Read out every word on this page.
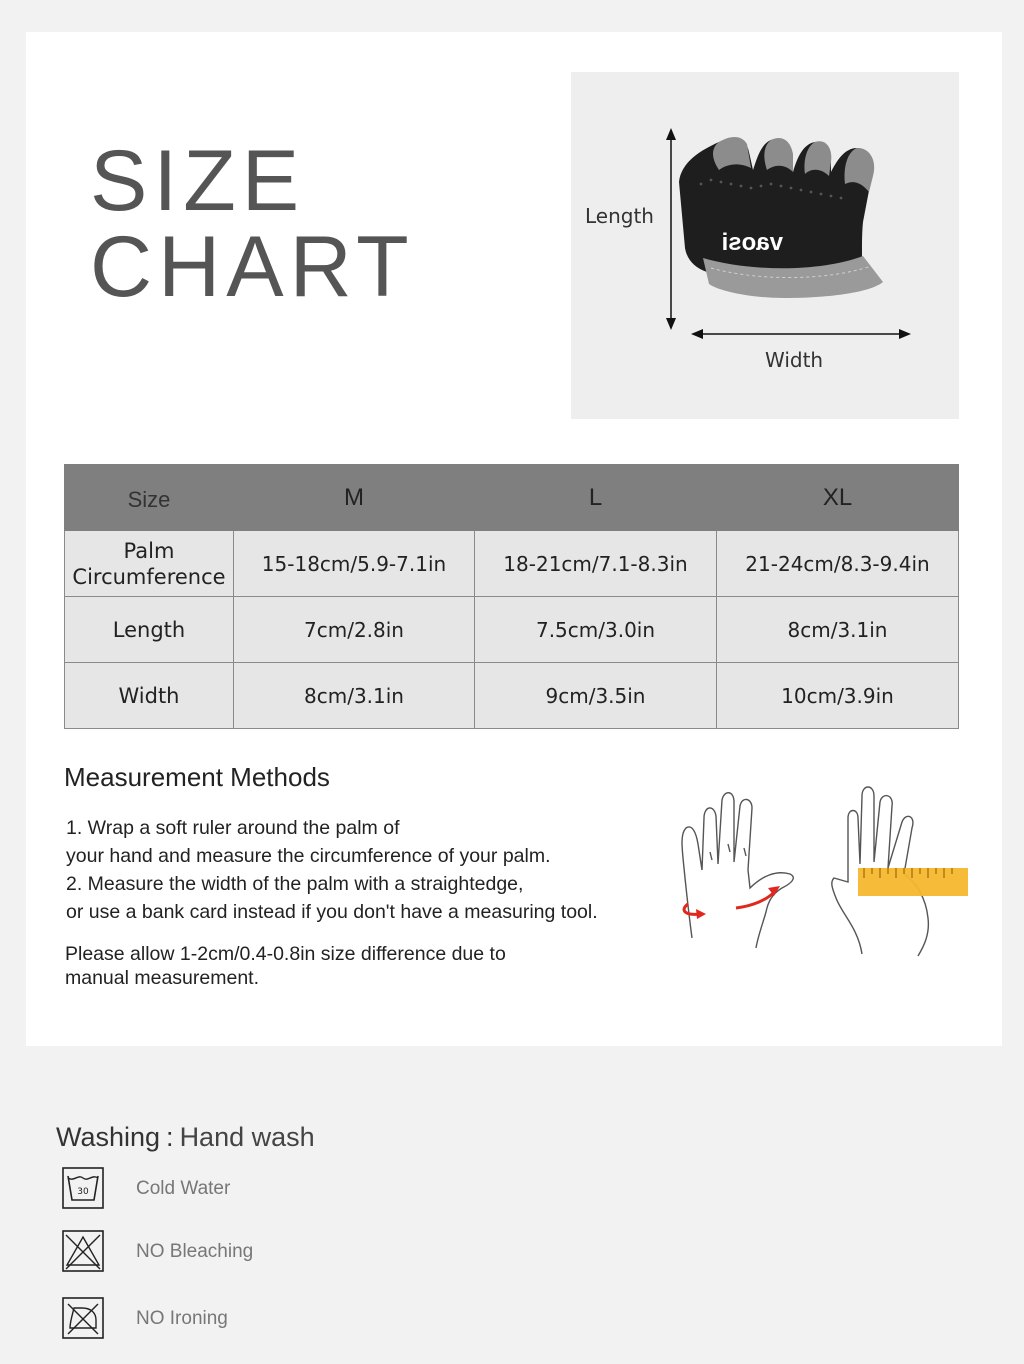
SIZE
CHART	vaosi
Length
Width
Size	M	L	XL

Palm
Circumference	15-18cm/5.9-7.1in	18-21cm/7.1-8.3in	21-24cm/8.3-9.4in
Length	7cm/2.8in	7.5cm/3.0in	8cm/3.1in
Width	8cm/3.1in	9cm/3.5in	10cm/3.9in
Measurement Methods
1. Wrap a soft ruler around the palm of
your hand and measure the circumference of your palm.
2. Measure the width of the palm with a straightedge,
or use a bank card instead if you don't have a measuring tool.
Please allow 1-2cm/0.4-0.8in size difference due to
manual measurement.
Washing : Hand wash
30 Cold Water
NO Bleaching
NO Ironing
